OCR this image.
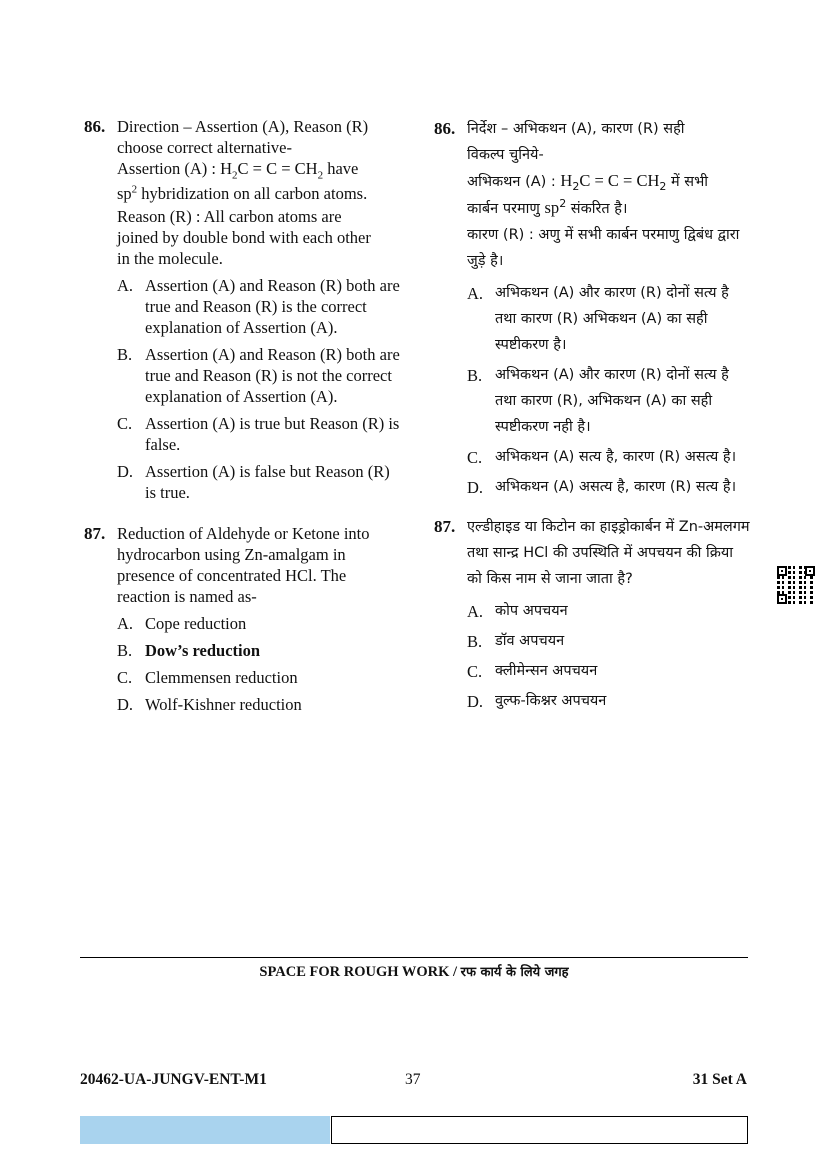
86. Direction – Assertion (A), Reason (R)
choose correct alternative-
Assertion (A) : $H_2C = C = CH_2$ have
$sp^2$ hybridization on all carbon atoms.
Reason (R) : All carbon atoms are
joined by double bond with each other
in the molecule.
A. Assertion (A) and Reason (R) both are true and Reason (R) is the correct explanation of Assertion (A).
B. Assertion (A) and Reason (R) both are true and Reason (R) is not the correct explanation of Assertion (A).
C. Assertion (A) is true but Reason (R) is false.
D. Assertion (A) is false but Reason (R) is true.
87. Reduction of Aldehyde or Ketone into hydrocarbon using Zn-amalgam in presence of concentrated HCl. The reaction is named as-
A. Cope reduction
B. Dow’s reduction
C. Clemmensen reduction
D. Wolf-Kishner reduction
86. निर्देश – अभिकथन (A), कारण (R) सही
विकल्प चुनिये-
अभिकथन (A) : $H_2C = C = CH_2$ में सभी
कार्बन परमाणु $sp^2$ संकरित है।
कारण (R) : अणु में सभी कार्बन परमाणु द्विबंध द्वारा जुड़े है।
A. अभिकथन (A) और कारण (R) दोनों सत्य है तथा कारण (R) अभिकथन (A) का सही स्पष्टीकरण है।
B. अभिकथन (A) और कारण (R) दोनों सत्य है तथा कारण (R), अभिकथन (A) का सही स्पष्टीकरण नही है।
C. अभिकथन (A) सत्य है, कारण (R) असत्य है।
D. अभिकथन (A) असत्य है, कारण (R) सत्य है।
87. एल्डीहाइड या किटोन का हाइड्रोकार्बन में Zn-अमलगम तथा सान्द्र HCl की उपस्थिति में अपचयन की क्रिया को किस नाम से जाना जाता है?
A. कोप अपचयन
B. डॉव अपचयन
C. क्लीमेन्सन अपचयन
D. वुल्फ-किश्नर अपचयन
SPACE FOR ROUGH WORK / रफ कार्य के लिये जगह
20462-UA-JUNGV-ENT-M1	37	31 Set A
